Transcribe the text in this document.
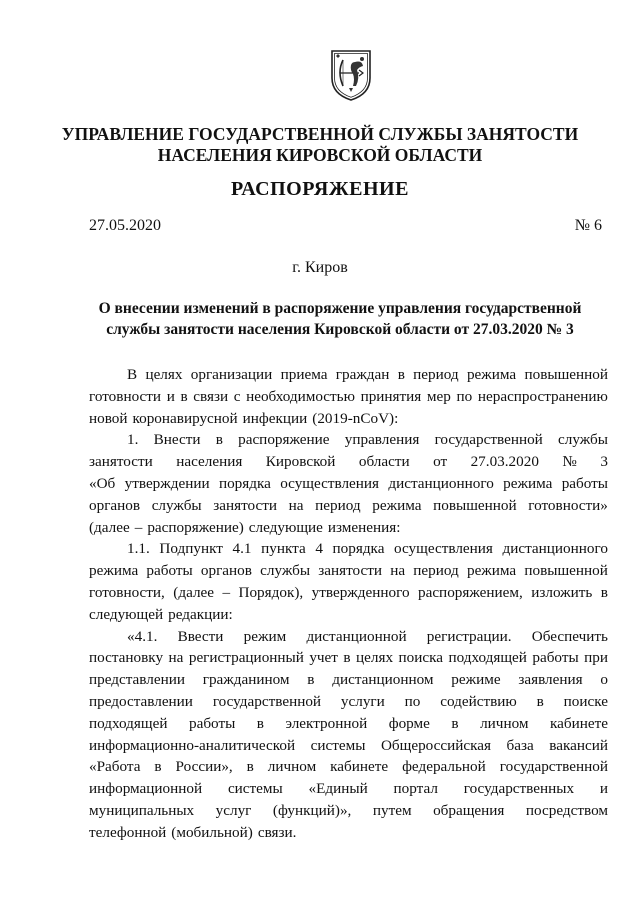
УПРАВЛЕНИЕ ГОСУДАРСТВЕННОЙ СЛУЖБЫ ЗАНЯТОСТИ
НАСЕЛЕНИЯ КИРОВСКОЙ ОБЛАСТИ
РАСПОРЯЖЕНИЕ
27.05.2020	№ 6
г. Киров
О внесении изменений в распоряжение управления государственной
службы занятости населения Кировской области от 27.03.2020 № 3
В целях организации приема граждан в период режима повышенной
готовности и в связи с необходимостью принятия мер по нераспространению
новой коронавирусной инфекции (2019-nCoV):
1. Внести в распоряжение управления государственной службы
занятости населения Кировской области от 27.03.2020 № 3
«Об утверждении порядка осуществления дистанционного режима работы
органов службы занятости на период режима повышенной готовности»
(далее – распоряжение) следующие изменения:
1.1. Подпункт 4.1 пункта 4 порядка осуществления дистанционного
режима работы органов службы занятости на период режима повышенной
готовности, (далее – Порядок), утвержденного распоряжением, изложить в
следующей редакции:
«4.1. Ввести режим дистанционной регистрации. Обеспечить
постановку на регистрационный учет в целях поиска подходящей работы при
представлении гражданином в дистанционном режиме заявления о
предоставлении государственной услуги по содействию в поиске
подходящей работы в электронной форме в личном кабинете
информационно-аналитической системы Общероссийская база вакансий
«Работа в России», в личном кабинете федеральной государственной
информационной системы «Единый портал государственных и
муниципальных услуг (функций)», путем обращения посредством
телефонной (мобильной) связи.
